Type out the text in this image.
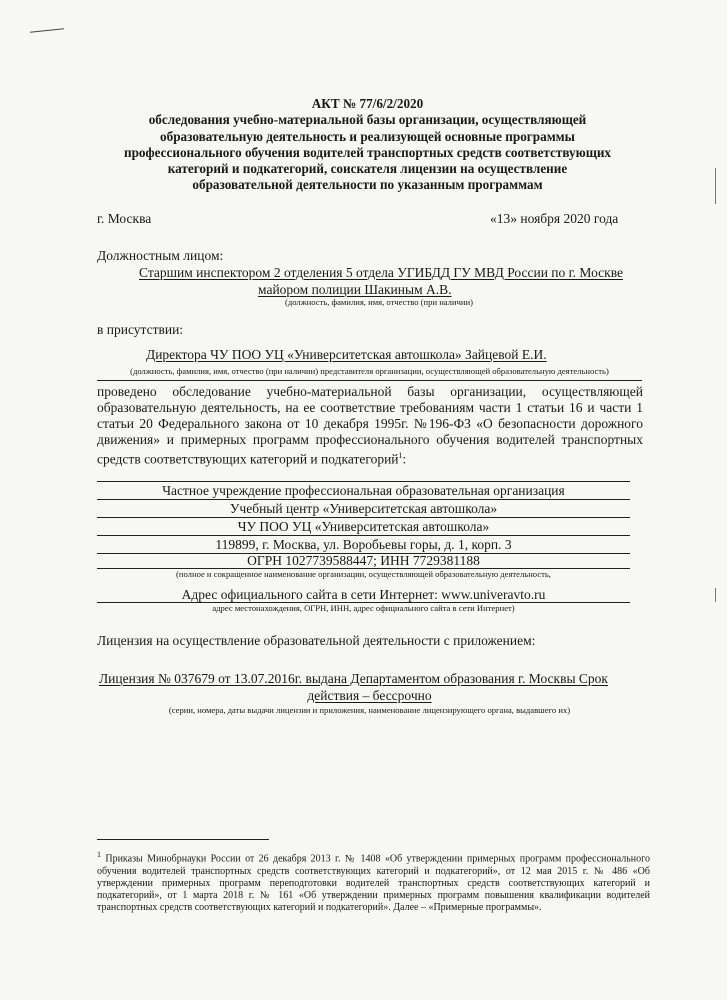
АКТ № 77/6/2/2020
обследования учебно-материальной базы организации, осуществляющей
образовательную деятельность и реализующей основные программы
профессионального обучения водителей транспортных средств соответствующих
категорий и подкатегорий, соискателя лицензии на осуществление
образовательной деятельности по указанным программам
г. Москва	«13» ноября 2020 года
Должностным лицом:
Старшим инспектором 2 отделения 5 отдела УГИБДД ГУ МВД России по г. Москве
майором полиции Шакиным А.В.
(должность, фамилия, имя, отчество (при наличии)
в присутствии:
Директора ЧУ ПОО УЦ «Университетская автошкола» Зайцевой Е.И.
(должность, фамилия, имя, отчество (при наличии) представителя организации, осуществляющей образовательную деятельность)
проведено обследование учебно-материальной базы организации, осуществляющей образовательную деятельность, на ее соответствие требованиям части 1 статьи 16 и части 1 статьи 20 Федерального закона от 10 декабря 1995г. №196-ФЗ «О безопасности дорожного движения» и примерных программ профессионального обучения водителей транспортных средств соответствующих категорий и подкатегорий$^1$:
Частное учреждение профессиональная образовательная организация
Учебный центр «Университетская автошкола»
ЧУ ПОО УЦ «Университетская автошкола»
119899, г. Москва, ул. Воробьевы горы, д. 1, корп. 3
ОГРН 1027739588447; ИНН 7729381188
(полное и сокращенное наименование организации, осуществляющей образовательную деятельность,
Адрес официального сайта в сети Интернет: www.univeravto.ru
адрес местонахождения, ОГРН, ИНН, адрес официального сайта в сети Интернет)
Лицензия на осуществление образовательной деятельности с приложением:
Лицензия № 037679 от 13.07.2016г. выдана Департаментом образования г. Москвы Срок
действия – бессрочно
(серии, номера, даты выдачи лицензии и приложения, наименование лицензирующего органа, выдавшего их)
$^1$ Приказы Минобрнауки России от 26 декабря 2013 г. № 1408 «Об утверждении примерных программ профессионального обучения водителей транспортных средств соответствующих категорий и подкатегорий», от 12 мая 2015 г. № 486 «Об утверждении примерных программ переподготовки водителей транспортных средств соответствующих категорий и подкатегорий», от 1 марта 2018 г. № 161 «Об утверждении примерных программ повышения квалификации водителей транспортных средств соответствующих категорий и подкатегорий». Далее – «Примерные программы».
